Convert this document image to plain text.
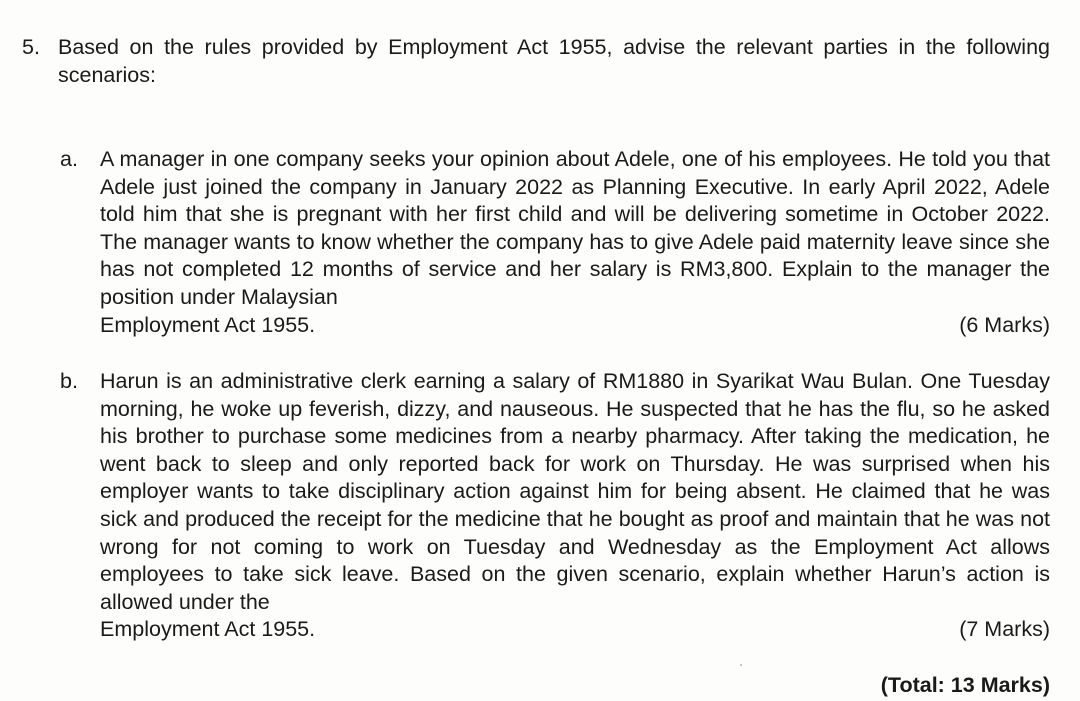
5. Based on the rules provided by Employment Act 1955, advise the relevant parties in the following scenarios:
a.	A manager in one company seeks your opinion about Adele, one of his employees. He told you that Adele just joined the company in January 2022 as Planning Executive. In early April 2022, Adele told him that she is pregnant with her first child and will be delivering sometime in October 2022. The manager wants to know whether the company has to give Adele paid maternity leave since she has not completed 12 months of service and her salary is RM3,800. Explain to the manager the position under Malaysian
Employment Act 1955.	(6 Marks)
b.	Harun is an administrative clerk earning a salary of RM1880 in Syarikat Wau Bulan. One Tuesday morning, he woke up feverish, dizzy, and nauseous. He suspected that he has the flu, so he asked his brother to purchase some medicines from a nearby pharmacy. After taking the medication, he went back to sleep and only reported back for work on Thursday. He was surprised when his employer wants to take disciplinary action against him for being absent. He claimed that he was sick and produced the receipt for the medicine that he bought as proof and maintain that he was not wrong for not coming to work on Tuesday and Wednesday as the Employment Act allows employees to take sick leave. Based on the given scenario, explain whether Harun’s action is allowed under the
Employment Act 1955.	(7 Marks)
(Total: 13 Marks)
